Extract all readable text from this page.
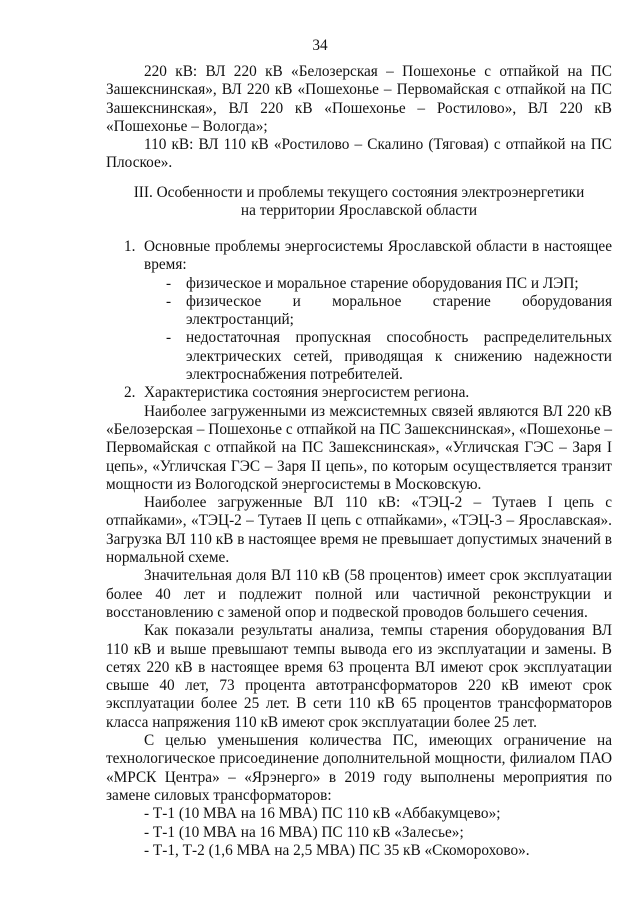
34

220 кВ: ВЛ 220 кВ «Белозерская – Пошехонье с отпайкой на ПС Зашекснинская», ВЛ 220 кВ «Пошехонье – Первомайская с отпайкой на ПС Зашекснинская», ВЛ 220 кВ «Пошехонье – Ростилово», ВЛ 220 кВ «Пошехонье – Вологда»;

110 кВ: ВЛ 110 кВ «Ростилово – Скалино (Тяговая) с отпайкой на ПС Плоское».

III. Особенности и проблемы текущего состояния электроэнергетики

на территории Ярославской области

1. Основные проблемы энергосистемы Ярославской области в настоящее время:
- физическое и моральное старение оборудования ПС и ЛЭП;
- физическое и моральное старение оборудования электростанций;
- недостаточная пропускная способность распределительных электрических сетей, приводящая к снижению надежности электроснабжения потребителей.
2. Характеристика состояния энергосистем региона.

Наиболее загруженными из межсистемных связей являются ВЛ 220 кВ «Белозерская – Пошехонье с отпайкой на ПС Зашекснинская», «Пошехонье – Первомайская с отпайкой на ПС Зашекснинская», «Угличская ГЭС – Заря I цепь», «Угличская ГЭС – Заря II цепь», по которым осуществляется транзит мощности из Вологодской энергосистемы в Московскую.

Наиболее загруженные ВЛ 110 кВ: «ТЭЦ-2 – Тутаев I цепь с отпайками», «ТЭЦ-2 – Тутаев II цепь с отпайками», «ТЭЦ-3 – Ярославская». Загрузка ВЛ 110 кВ в настоящее время не превышает допустимых значений в нормальной схеме.

Значительная доля ВЛ 110 кВ (58 процентов) имеет срок эксплуатации более 40 лет и подлежит полной или частичной реконструкции и восстановлению с заменой опор и подвеской проводов большего сечения.

Как показали результаты анализа, темпы старения оборудования ВЛ 110 кВ и выше превышают темпы вывода его из эксплуатации и замены. В сетях 220 кВ в настоящее время 63 процента ВЛ имеют срок эксплуатации свыше 40 лет, 73 процента автотрансформаторов 220 кВ имеют срок эксплуатации более 25 лет. В сети 110 кВ 65 процентов трансформаторов класса напряжения 110 кВ имеют срок эксплуатации более 25 лет.

С целью уменьшения количества ПС, имеющих ограничение на технологическое присоединение дополнительной мощности, филиалом ПАО «МРСК Центра» – «Ярэнерго» в 2019 году выполнены мероприятия по замене силовых трансформаторов:

- Т-1 (10 МВА на 16 МВА) ПС 110 кВ «Аббакумцево»;

- Т-1 (10 МВА на 16 МВА) ПС 110 кВ «Залесье»;

- Т-1, Т-2 (1,6 МВА на 2,5 МВА) ПС 35 кВ «Скоморохово».
